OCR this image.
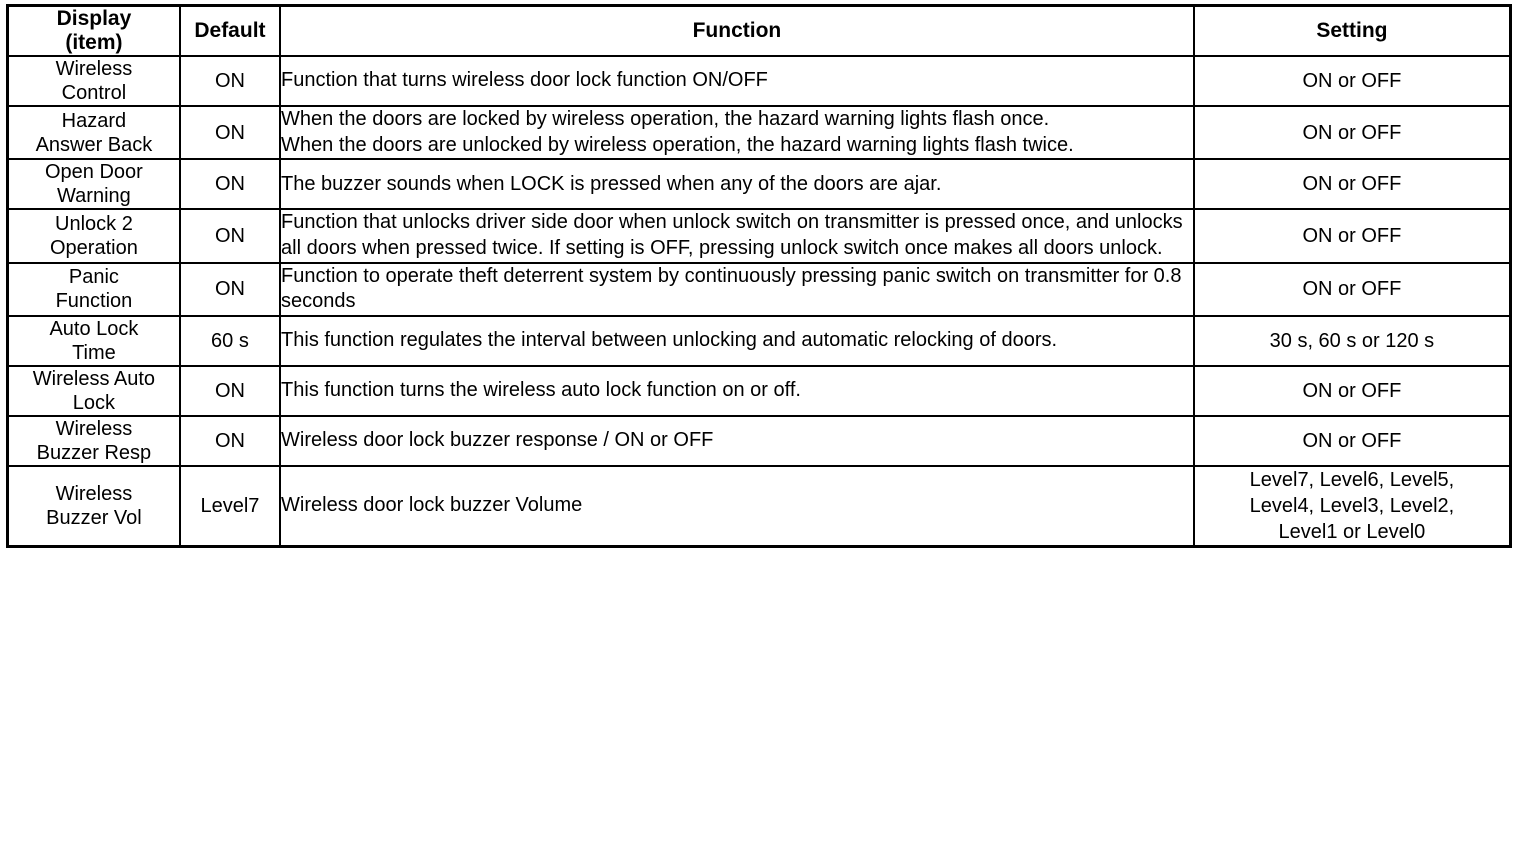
Display
(item)	Default	Function	Setting
Wireless
Control	ON	Function that turns wireless door lock function ON/OFF	ON or OFF
Hazard
Answer Back	ON	When the doors are locked by wireless operation, the hazard warning lights flash once.
When the doors are unlocked by wireless operation, the hazard warning lights flash twice.	ON or OFF
Open Door
Warning	ON	The buzzer sounds when LOCK is pressed when any of the doors are ajar.	ON or OFF
Unlock 2
Operation	ON	Function that unlocks driver side door when unlock switch on transmitter is pressed once, and unlocks all doors when pressed twice. If setting is OFF, pressing unlock switch once makes all doors unlock.	ON or OFF
Panic
Function	ON	Function to operate theft deterrent system by continuously pressing panic switch on transmitter for 0.8 seconds	ON or OFF
Auto Lock
Time	60 s	This function regulates the interval between unlocking and automatic relocking of doors.	30 s, 60 s or 120 s
Wireless Auto
Lock	ON	This function turns the wireless auto lock function on or off.	ON or OFF
Wireless
Buzzer Resp	ON	Wireless door lock buzzer response / ON or OFF	ON or OFF
Wireless
Buzzer Vol	Level7	Wireless door lock buzzer Volume	Level7, Level6, Level5,
Level4, Level3, Level2,
Level1 or Level0
